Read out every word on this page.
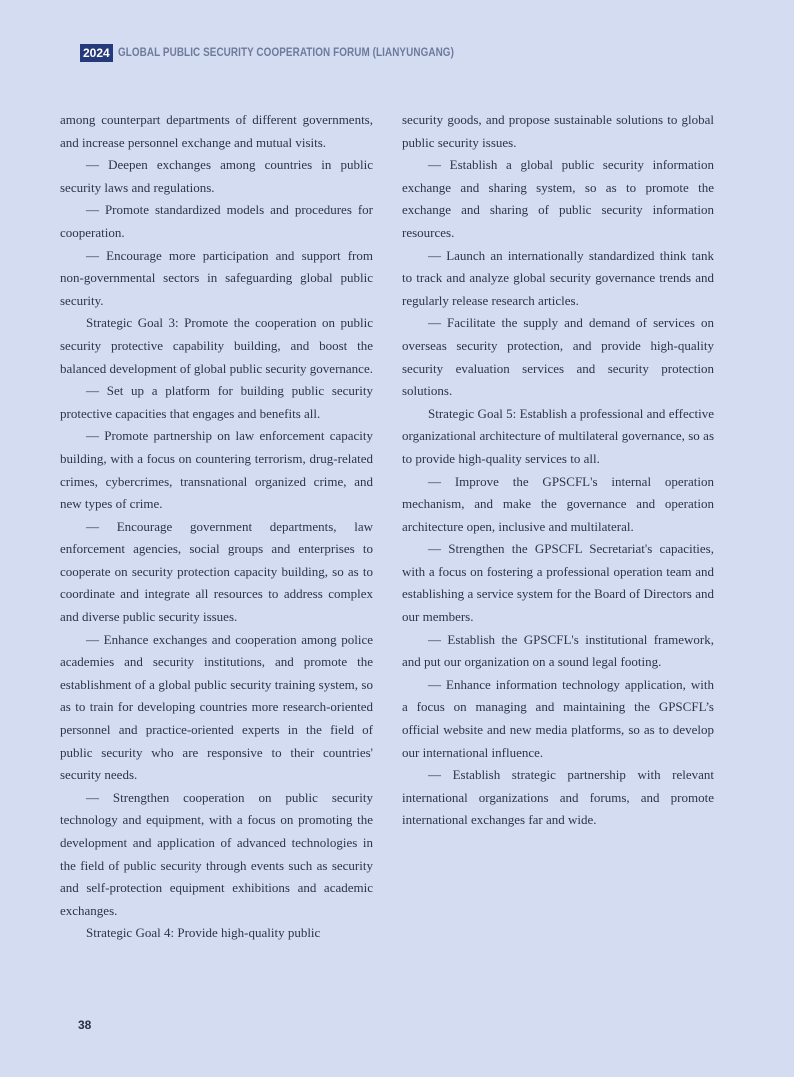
2024 GLOBAL PUBLIC SECURITY COOPERATION FORUM (LIANYUNGANG)

among counterpart departments of different governments, and increase personnel exchange and mutual visits.

— Deepen exchanges among countries in public security laws and regulations.

— Promote standardized models and procedures for cooperation.

— Encourage more participation and support from non-governmental sectors in safeguarding global public security.

Strategic Goal 3: Promote the cooperation on public security protective capability building, and boost the balanced development of global public security governance.

— Set up a platform for building public security protective capacities that engages and benefits all.

— Promote partnership on law enforcement capacity building, with a focus on countering terrorism, drug-related crimes, cybercrimes, transnational organized crime, and new types of crime.

— Encourage government departments, law enforcement agencies, social groups and enterprises to cooperate on security protection capacity building, so as to coordinate and integrate all resources to address complex and diverse public security issues.

— Enhance exchanges and cooperation among police academies and security institutions, and promote the establishment of a global public security training system, so as to train for developing countries more research-oriented personnel and practice-oriented experts in the field of public security who are responsive to their countries' security needs.

— Strengthen cooperation on public security technology and equipment, with a focus on promoting the development and application of advanced technologies in the field of public security through events such as security and self-protection equipment exhibitions and academic exchanges.

Strategic Goal 4: Provide high-quality public

security goods, and propose sustainable solutions to global public security issues.

— Establish a global public security information exchange and sharing system, so as to promote the exchange and sharing of public security information resources.

— Launch an internationally standardized think tank to track and analyze global security governance trends and regularly release research articles.

— Facilitate the supply and demand of services on overseas security protection, and provide high-quality security evaluation services and security protection solutions.

Strategic Goal 5: Establish a professional and effective organizational architecture of multilateral governance, so as to provide high-quality services to all.

— Improve the GPSCFL's internal operation mechanism, and make the governance and operation architecture open, inclusive and multilateral.

— Strengthen the GPSCFL Secretariat's capacities, with a focus on fostering a professional operation team and establishing a service system for the Board of Directors and our members.

— Establish the GPSCFL's institutional framework, and put our organization on a sound legal footing.

— Enhance information technology application, with a focus on managing and maintaining the GPSCFL’s official website and new media platforms, so as to develop our international influence.

— Establish strategic partnership with relevant international organizations and forums, and promote international exchanges far and wide.

38
